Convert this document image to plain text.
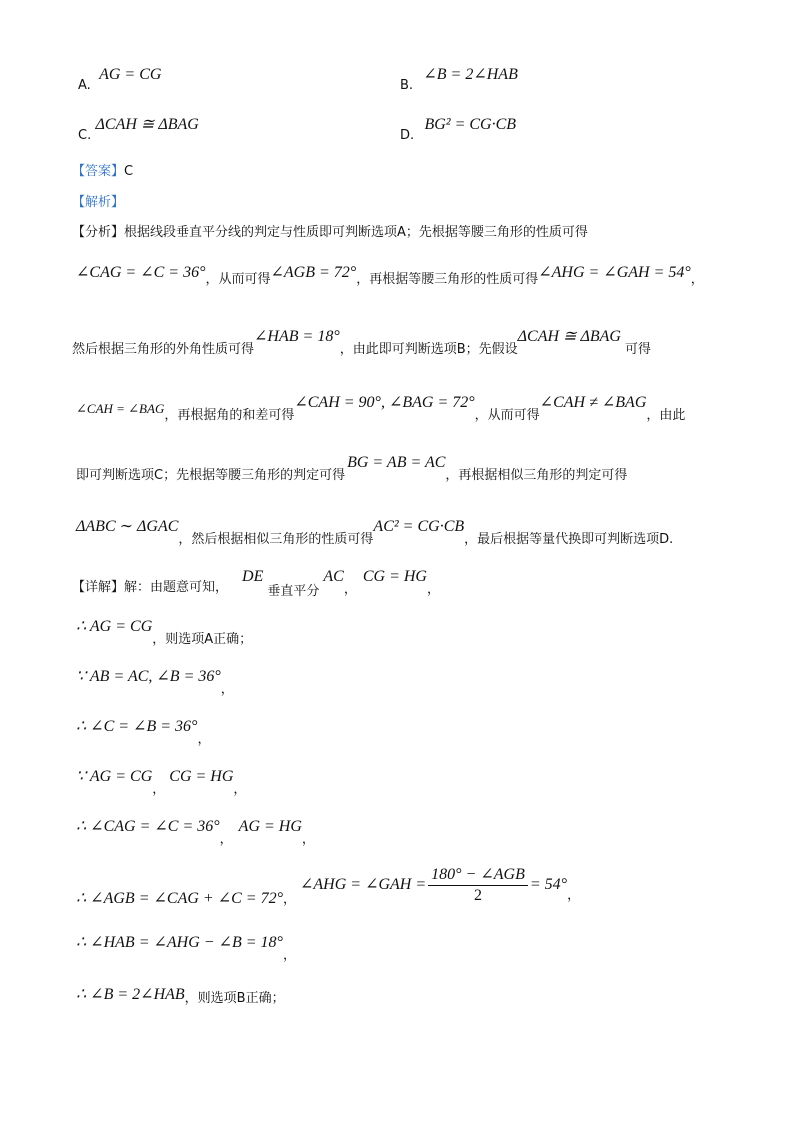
A. AG = CG
B. ∠B = 2∠HAB
C. ΔCAH ≅ ΔBAG
D. BG² = CG·CB
【答案】C
【解析】
【分析】根据线段垂直平分线的判定与性质即可判断选项A；先根据等腰三角形的性质可得
∠CAG = ∠C = 36°，从而可得∠AGB = 72°，再根据等腰三角形的性质可得∠AHG = ∠GAH = 54°，
然后根据三角形的外角性质可得∠HAB = 18°，由此即可判断选项B；先假设ΔCAH ≅ ΔBAG可得
∠CAH = ∠BAG，再根据角的和差可得∠CAH = 90°, ∠BAG = 72°，从而可得∠CAH ≠ ∠BAG，由此
即可判断选项C；先根据等腰三角形的判定可得BG = AB = AC，再根据相似三角形的判定可得
ΔABC ∼ ΔGAC，然后根据相似三角形的性质可得AC² = CG·CB，最后根据等量代换即可判断选项D.
【详解】解：由题意可知，DE垂直平分AC，CG = HG，
∴ AG = CG，则选项A正确；
∵ AB = AC, ∠B = 36°，
∴ ∠C = ∠B = 36°，
∵ AG = CG，CG = HG，
∴ ∠CAG = ∠C = 36°，AG = HG，
∴ ∠AGB = ∠CAG + ∠C = 72°，∠AHG = ∠GAH = $\frac{\text{180° − ∠AGB}}{2} = 54^\circ$，
∴ ∠HAB = ∠AHG − ∠B = 18°，
∴ ∠B = 2∠HAB，则选项B正确；
